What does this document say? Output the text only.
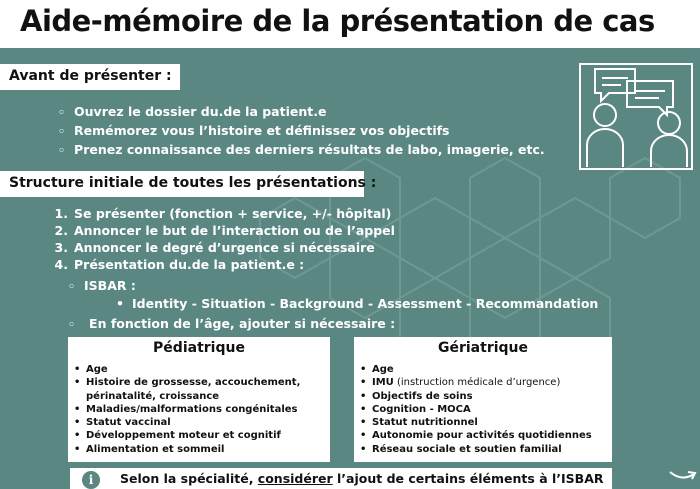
Aide-mémoire de la présentation de cas
Avant de présenter :
◦ Ouvrez le dossier du.de la patient.e
◦ Remémorez vous l’histoire et définissez vos objectifs
◦ Prenez connaissance des derniers résultats de labo, imagerie, etc.
Structure initiale de toutes les présentations :
1. Se présenter (fonction + service, +/- hôpital)
2. Annoncer le but de l’interaction ou de l’appel
3. Annoncer le degré d’urgence si nécessaire
4. Présentation du.de la patient.e :
◦ ISBAR :
• Identity - Situation - Background - Assessment - Recommandation
◦ En fonction de l’âge, ajouter si nécessaire :
Pédiatrique
• Age
• Histoire de grossesse, accouchement, périnatalité, croissance
• Maladies/malformations congénitales
• Statut vaccinal
• Développement moteur et cognitif
• Alimentation et sommeil
Gériatrique
• Age
• IMU (instruction médicale d’urgence)
• Objectifs de soins
• Cognition - MOCA
• Statut nutritionnel
• Autonomie pour activités quotidiennes
• Réseau sociale et soutien familial
i	Selon la spécialité, considérer l’ajout de certains éléments à l’ISBAR
